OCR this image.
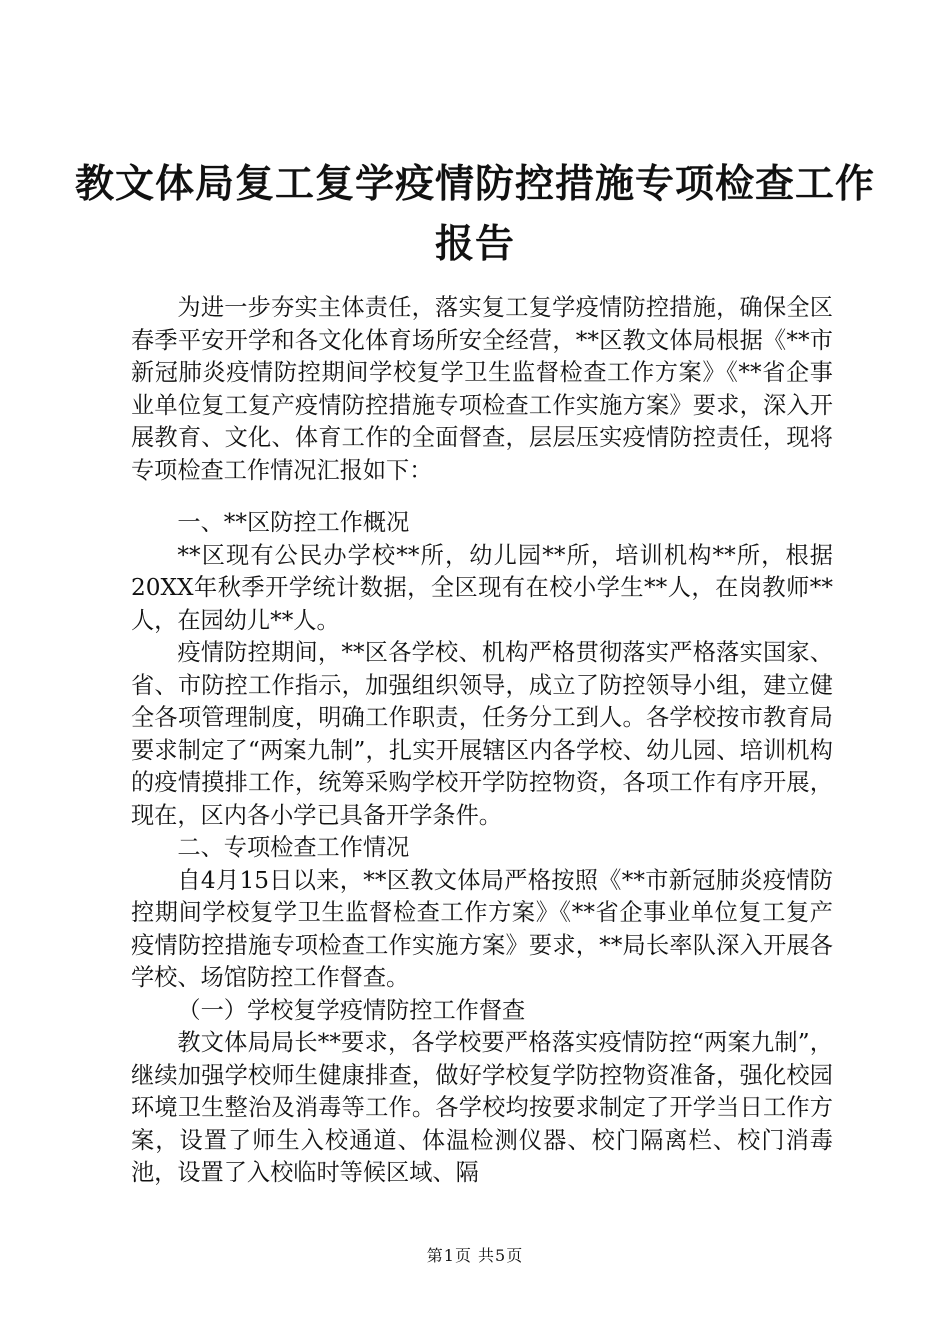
教文体局复工复学疫情防控措施专项检查工作
报告

为进一步夯实主体责任，落实复工复学疫情防控措施，确保全区春季平安开学和各文化体育场所安全经营，**区教文体局根据《**市新冠肺炎疫情防控期间学校复学卫生监督检查工作方案》《**省企事业单位复工复产疫情防控措施专项检查工作实施方案》要求，深入开展教育、文化、体育工作的全面督查，层层压实疫情防控责任，现将专项检查工作情况汇报如下：

一、**区防控工作概况

**区现有公民办学校**所，幼儿园**所，培训机构**所，根据20XX年秋季开学统计数据，全区现有在校小学生**人，在岗教师**人，在园幼儿**人。

疫情防控期间，**区各学校、机构严格贯彻落实严格落实国家、省、市防控工作指示，加强组织领导，成立了防控领导小组，建立健全各项管理制度，明确工作职责，任务分工到人。各学校按市教育局要求制定了“两案九制”，扎实开展辖区内各学校、幼儿园、培训机构的疫情摸排工作，统筹采购学校开学防控物资，各项工作有序开展，现在，区内各小学已具备开学条件。

二、专项检查工作情况

自4月15日以来，**区教文体局严格按照《**市新冠肺炎疫情防控期间学校复学卫生监督检查工作方案》《**省企事业单位复工复产疫情防控措施专项检查工作实施方案》要求，**局长率队深入开展各学校、场馆防控工作督查。

（一）学校复学疫情防控工作督查

教文体局局长**要求，各学校要严格落实疫情防控“两案九制”，继续加强学校师生健康排查，做好学校复学防控物资准备，强化校园环境卫生整治及消毒等工作。各学校均按要求制定了开学当日工作方案，设置了师生入校通道、体温检测仪器、校门隔离栏、校门消毒池，设置了入校临时等候区域、隔

第1页 共5页
